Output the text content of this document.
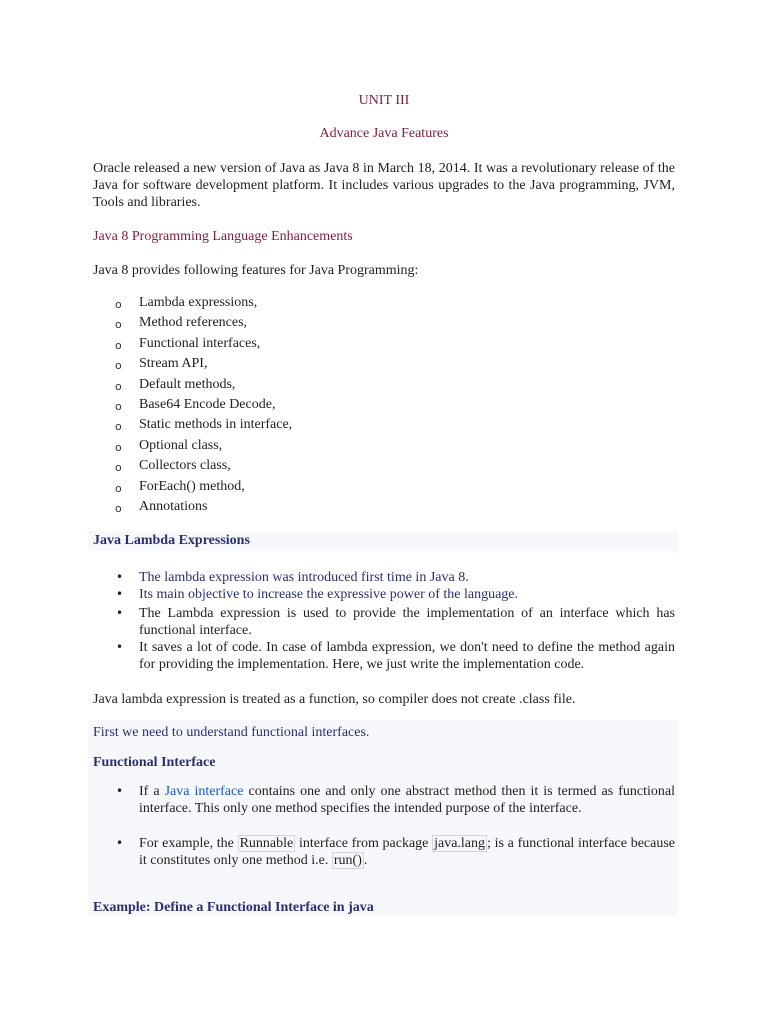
UNIT III
Advance Java Features
Oracle released a new version of Java as Java 8 in March 18, 2014. It was a revolutionary release of the Java for software development platform. It includes various upgrades to the Java programming, JVM, Tools and libraries.
Java 8 Programming Language Enhancements
Java 8 provides following features for Java Programming:
o Lambda expressions,
o Method references,
o Functional interfaces,
o Stream API,
o Default methods,
o Base64 Encode Decode,
o Static methods in interface,
o Optional class,
o Collectors class,
o ForEach() method,
o Annotations
Java Lambda Expressions
• The lambda expression was introduced first time in Java 8.
• Its main objective to increase the expressive power of the language.
• The Lambda expression is used to provide the implementation of an interface which has functional interface.
• It saves a lot of code. In case of lambda expression, we don't need to define the method again for providing the implementation. Here, we just write the implementation code.
Java lambda expression is treated as a function, so compiler does not create .class file.
First we need to understand functional interfaces.
Functional Interface
• If a Java interface contains one and only one abstract method then it is termed as functional interface. This only one method specifies the intended purpose of the interface.
• For example, the Runnable interface from package java.lang ; is a functional interface because it constitutes only one method i.e. run() .
Example: Define a Functional Interface in java
